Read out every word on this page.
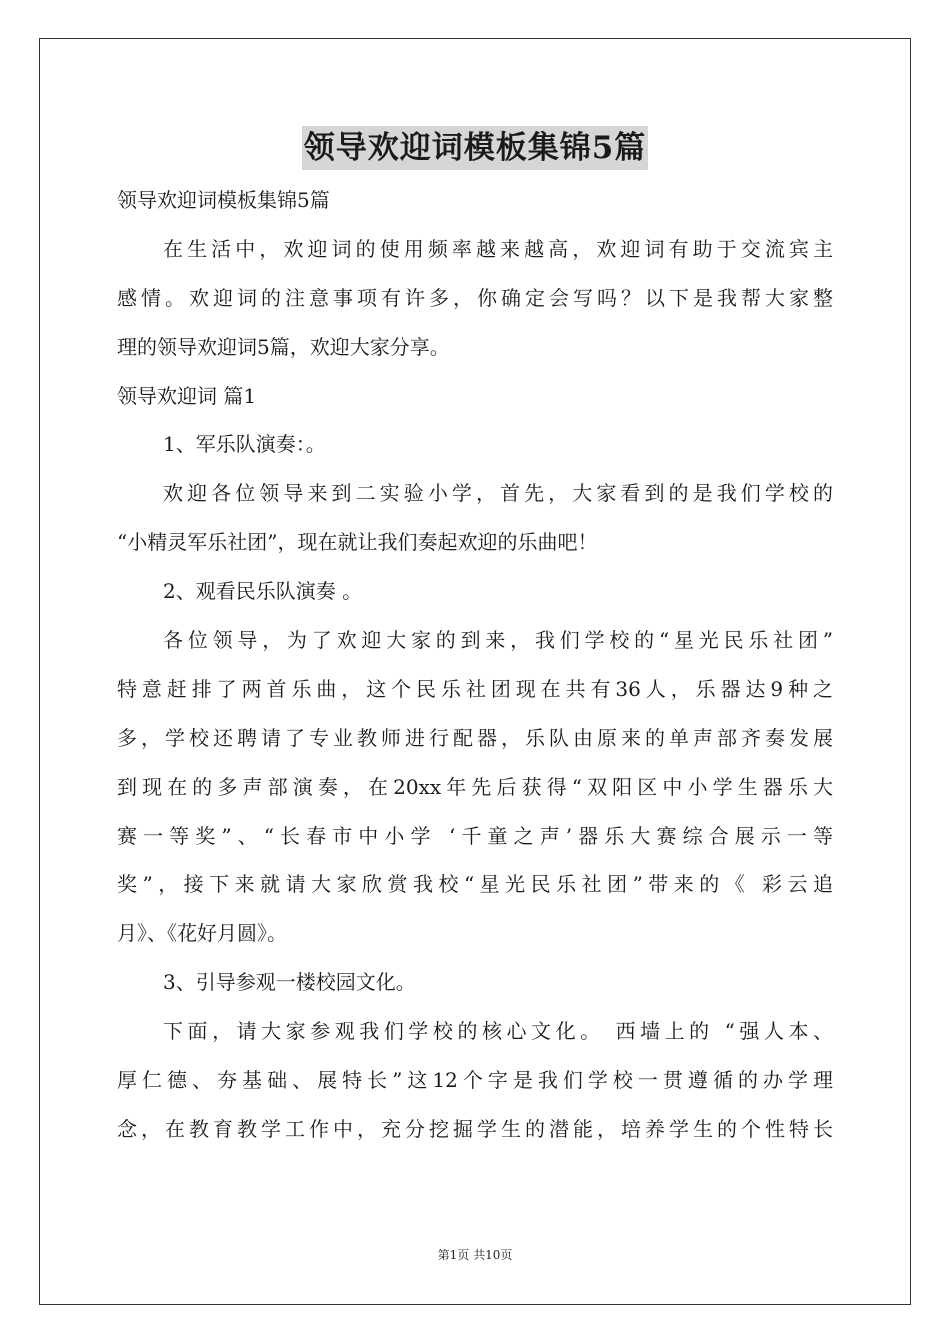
领导欢迎词模板集锦5篇
领导欢迎词模板集锦5篇
在生活中，欢迎词的使用频率越来越高，欢迎词有助于交流宾主
感情。欢迎词的注意事项有许多，你确定会写吗？以下是我帮大家整
理的领导欢迎词5篇，欢迎大家分享。
领导欢迎词 篇1
1、军乐队演奏：。
欢迎各位领导来到二实验小学，首先，大家看到的是我们学校的
“小精灵军乐社团”，现在就让我们奏起欢迎的乐曲吧！
2、观看民乐队演奏 。
各位领导，为了欢迎大家的到来，我们学校的“星光民乐社团”
特意赶排了两首乐曲，这个民乐社团现在共有36人，乐器达9种之
多，学校还聘请了专业教师进行配器，乐队由原来的单声部齐奏发展
到现在的多声部演奏，在20xx年先后获得“双阳区中小学生器乐大
赛一等奖”、“长春市中小学 ‘千童之声’器乐大赛综合展示一等
奖”，接下来就请大家欣赏我校“星光民乐社团”带来的《 彩云追
月》、《花好月圆》。
3、引导参观一楼校园文化。
下面，请大家参观我们学校的核心文化。 西墙上的 “强人本、
厚仁德、夯基础、展特长”这12个字是我们学校一贯遵循的办学理
念，在教育教学工作中，充分挖掘学生的潜能，培养学生的个性特长
第1页 共10页
